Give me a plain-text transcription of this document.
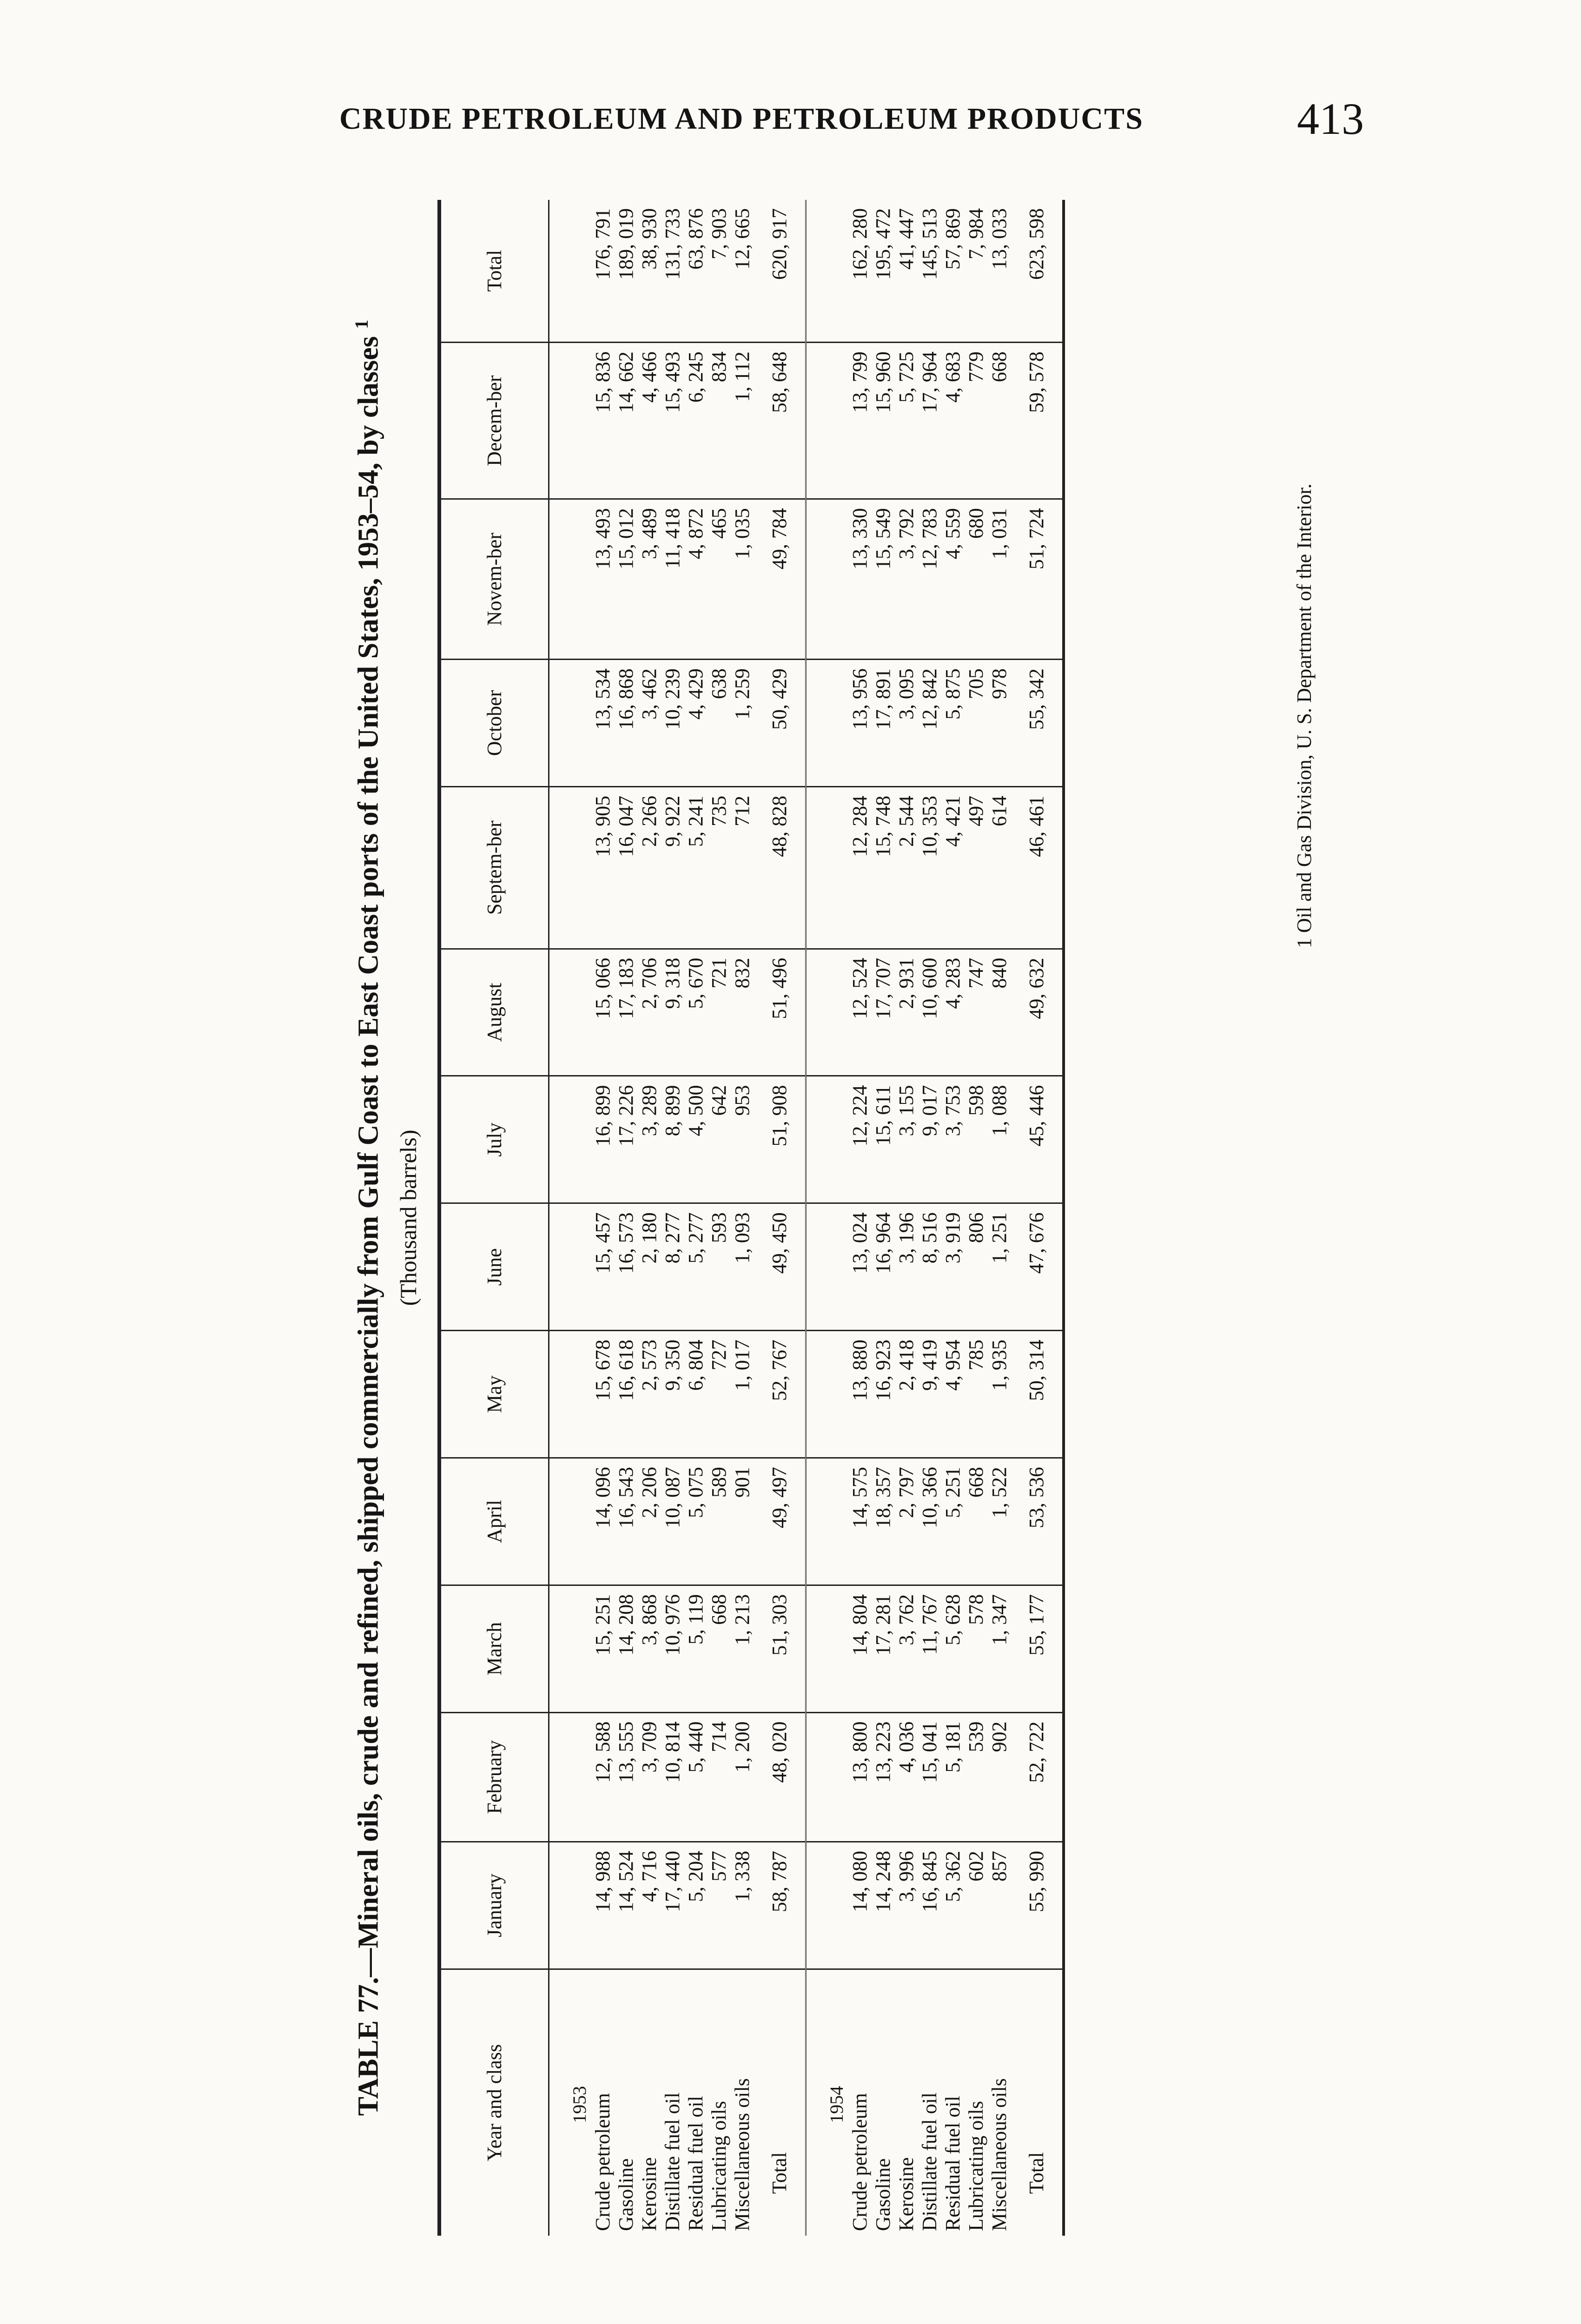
CRUDE PETROLEUM AND PETROLEUM PRODUCTS	413
TABLE 77.—Mineral oils, crude and refined, shipped commercially from Gulf Coast to East Coast ports of the United States, 1953–54, by classes $^1$
(Thousand barrels)
Year and class	January	February	March	April	May	June	July	August	Septem-ber	October	Novem-ber	Decem-ber	Total
1953													
Crude petroleum	14, 988	12, 588	15, 251	14, 096	15, 678	15, 457	16, 899	15, 066	13, 905	13, 534	13, 493	15, 836	176, 791
Gasoline	14, 524	13, 555	14, 208	16, 543	16, 618	16, 573	17, 226	17, 183	16, 047	16, 868	15, 012	14, 662	189, 019
Kerosine	4, 716	3, 709	3, 868	2, 206	2, 573	2, 180	3, 289	2, 706	2, 266	3, 462	3, 489	4, 466	38, 930
Distillate fuel oil	17, 440	10, 814	10, 976	10, 087	9, 350	8, 277	8, 899	9, 318	9, 922	10, 239	11, 418	15, 493	131, 733
Residual fuel oil	5, 204	5, 440	5, 119	5, 075	6, 804	5, 277	4, 500	5, 670	5, 241	4, 429	4, 872	6, 245	63, 876
Lubricating oils	577	714	668	589	727	593	642	721	735	638	465	834	7, 903
Miscellaneous oils	1, 338	1, 200	1, 213	901	1, 017	1, 093	953	832	712	1, 259	1, 035	1, 112	12, 665
Total	58, 787	48, 020	51, 303	49, 497	52, 767	49, 450	51, 908	51, 496	48, 828	50, 429	49, 784	58, 648	620, 917
1954													
Crude petroleum	14, 080	13, 800	14, 804	14, 575	13, 880	13, 024	12, 224	12, 524	12, 284	13, 956	13, 330	13, 799	162, 280
Gasoline	14, 248	13, 223	17, 281	18, 357	16, 923	16, 964	15, 611	17, 707	15, 748	17, 891	15, 549	15, 960	195, 472
Kerosine	3, 996	4, 036	3, 762	2, 797	2, 418	3, 196	3, 155	2, 931	2, 544	3, 095	3, 792	5, 725	41, 447
Distillate fuel oil	16, 845	15, 041	11, 767	10, 366	9, 419	8, 516	9, 017	10, 600	10, 353	12, 842	12, 783	17, 964	145, 513
Residual fuel oil	5, 362	5, 181	5, 628	5, 251	4, 954	3, 919	3, 753	4, 283	4, 421	5, 875	4, 559	4, 683	57, 869
Lubricating oils	602	539	578	668	785	806	598	747	497	705	680	779	7, 984
Miscellaneous oils	857	902	1, 347	1, 522	1, 935	1, 251	1, 088	840	614	978	1, 031	668	13, 033
Total	55, 990	52, 722	55, 177	53, 536	50, 314	47, 676	45, 446	49, 632	46, 461	55, 342	51, 724	59, 578	623, 598
1 Oil and Gas Division, U. S. Department of the Interior.
